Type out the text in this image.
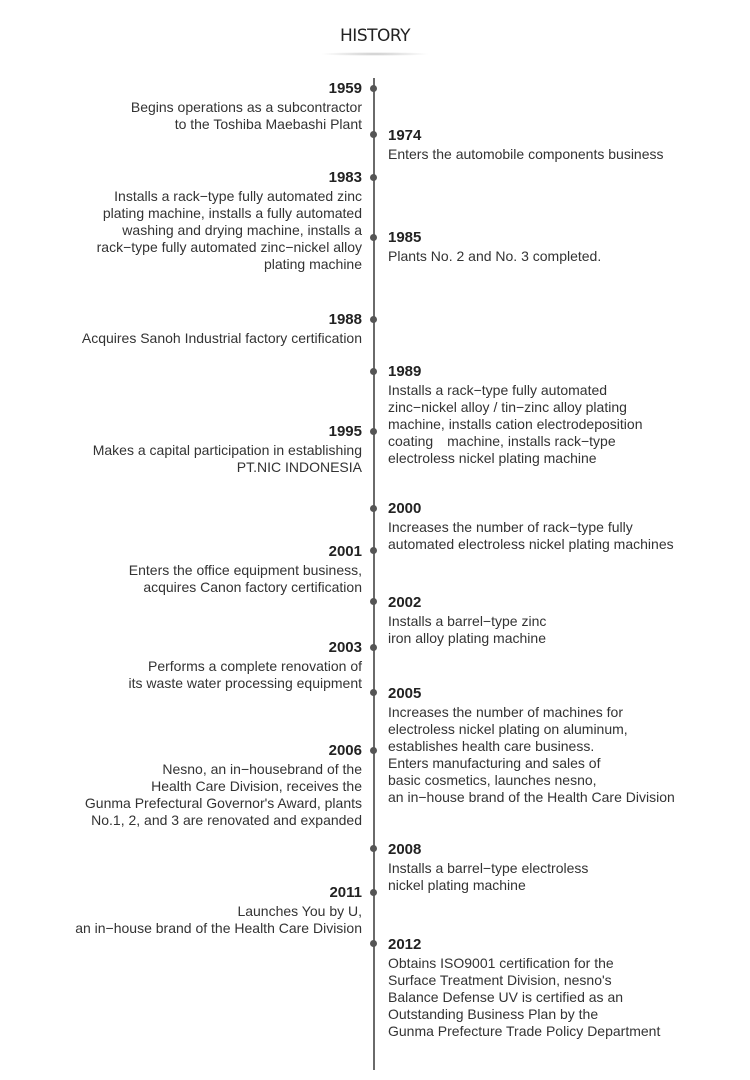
HISTORY
1959
Begins operations as a subcontractor
to the Toshiba Maebashi Plant
1974
Enters the automobile components business
1983
Installs a rack−type fully automated zinc
plating machine, installs a fully automated
washing and drying machine, installs a
rack−type fully automated zinc−nickel alloy
plating machine
1985
Plants No. 2 and No. 3 completed.
1988
Acquires Sanoh Industrial factory certification
1989
Installs a rack−type fully automated
zinc−nickel alloy / tin−zinc alloy plating
machine, installs cation electrodeposition
coating　machine, installs rack−type
electroless nickel plating machine
1995
Makes a capital participation in establishing
PT.NIC INDONESIA
2000
Increases the number of rack−type fully
automated electroless nickel plating machines
2001
Enters the office equipment business,
acquires Canon factory certification
2002
Installs a barrel−type zinc
iron alloy plating machine
2003
Performs a complete renovation of
its waste water processing equipment
2005
Increases the number of machines for
electroless nickel plating on aluminum,
establishes health care business.
Enters manufacturing and sales of
basic cosmetics, launches nesno,
an in−house brand of the Health Care Division
2006
Nesno, an in−housebrand of the
Health Care Division, receives the
Gunma Prefectural Governor's Award, plants
No.1, 2, and 3 are renovated and expanded
2008
Installs a barrel−type electroless
nickel plating machine
2011
Launches You by U,
an in−house brand of the Health Care Division
2012
Obtains ISO9001 certification for the
Surface Treatment Division, nesno's
Balance Defense UV is certified as an
Outstanding Business Plan by the
Gunma Prefecture Trade Policy Department
